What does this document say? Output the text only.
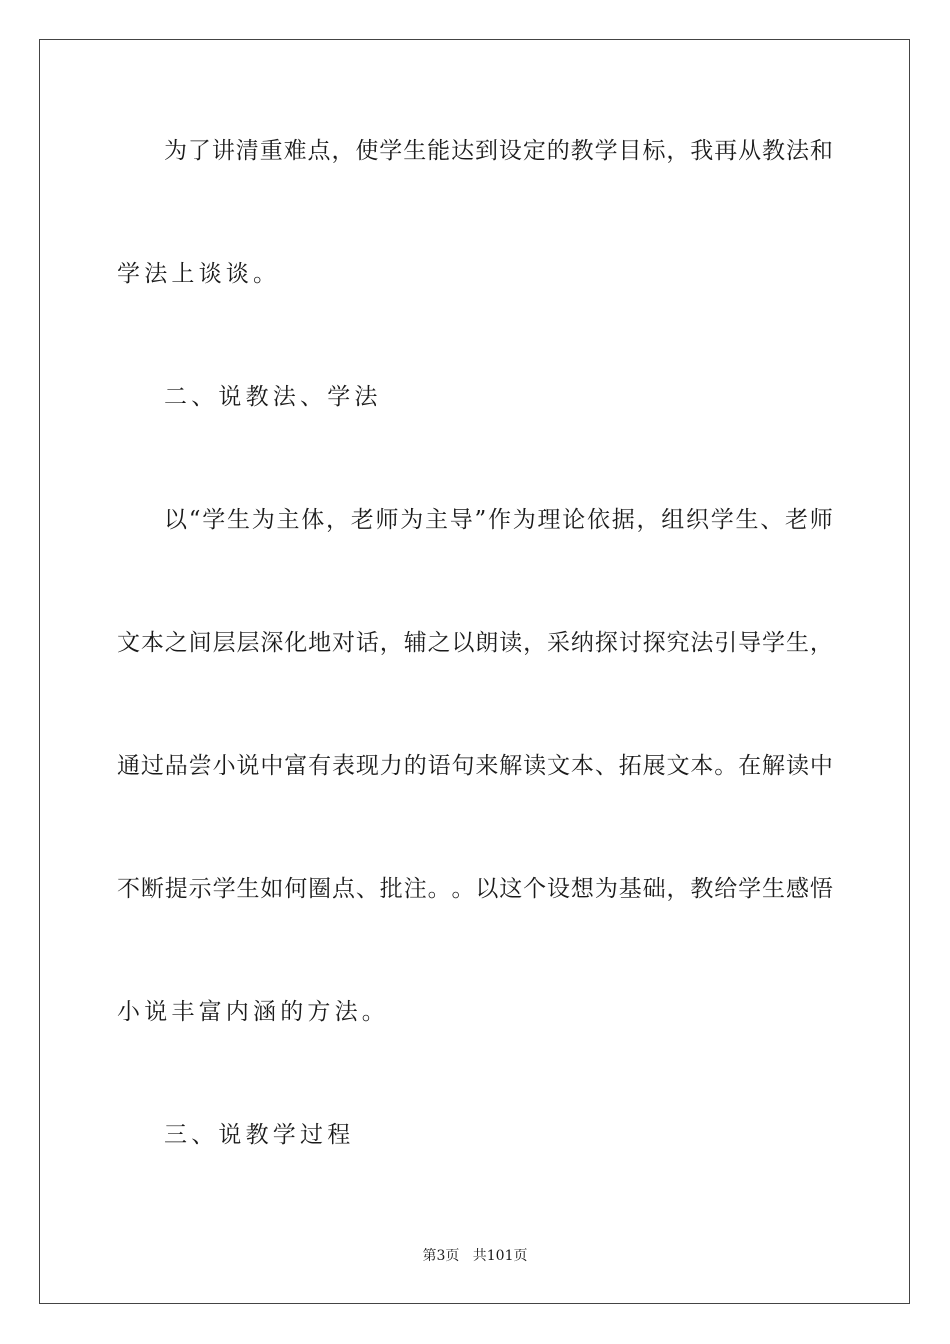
为 了 讲 清 重 难 点 ， 使 学 生 能 达 到 设 定 的 教 学 目 标 ， 我 再 从 教 法 和
学法上谈谈。
二、说教法、学法
以 “ 学 生 为 主 体 ， 老 师 为 主 导 ” 作 为 理 论 依 据 ， 组 织 学 生 、 老 师
文 本 之 间 层 层 深 化 地 对 话 ， 辅 之 以 朗 读 ， 采 纳 探 讨 探 究 法 引 导 学 生 ，
通 过 品 尝 小 说 中 富 有 表 现 力 的 语 句 来 解 读 文 本 、 拓 展 文 本 。 在 解 读 中
不 断 提 示 学 生 如 何 圈 点 、 批 注 。 。 以 这 个 设 想 为 基 础 ， 教 给 学 生 感 悟
小说丰富内涵的方法。
三、说教学过程
第3页 共101页
